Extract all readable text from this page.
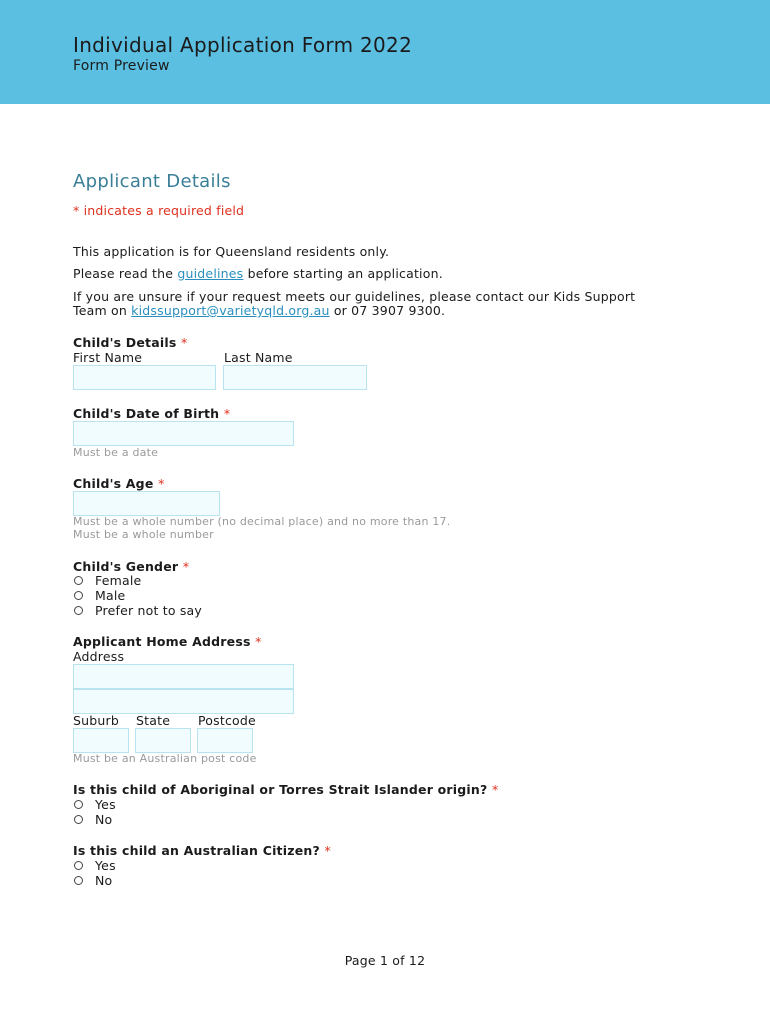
Individual Application Form 2022
Form Preview
Applicant Details
* indicates a required field
This application is for Queensland residents only.
Please read the guidelines before starting an application.
If you are unsure if your request meets our guidelines, please contact our Kids Support
Team on kidssupport@varietyqld.org.au or 07 3907 9300.
Child's Details *
First Name	Last Name
Child's Date of Birth *
Must be a date
Child's Age *
Must be a whole number (no decimal place) and no more than 17.
Must be a whole number
Child's Gender *
Female
Male
Prefer not to say
Applicant Home Address *
Address
Suburb State Postcode
Must be an Australian post code
Is this child of Aboriginal or Torres Strait Islander origin? *
Yes
No
Is this child an Australian Citizen? *
Yes
No
Page 1 of 12
